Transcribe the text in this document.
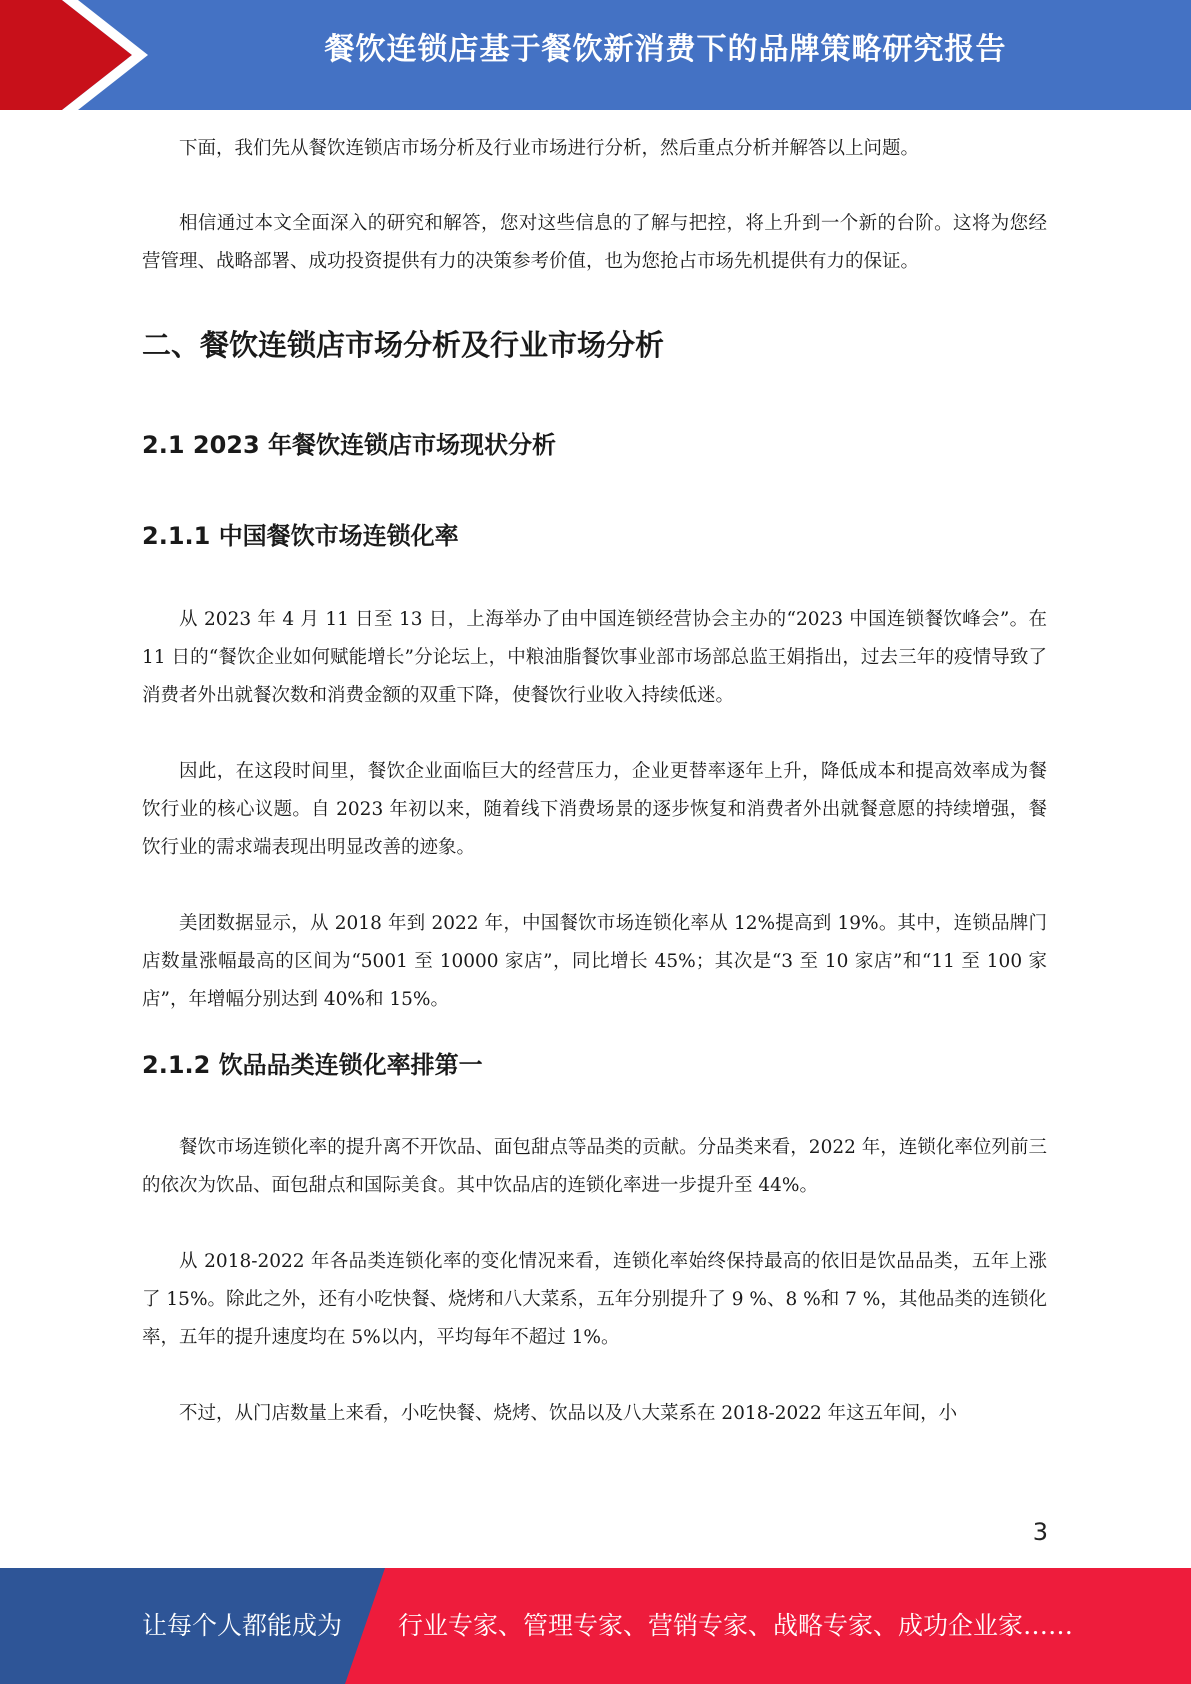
餐饮连锁店基于餐饮新消费下的品牌策略研究报告

下面，我们先从餐饮连锁店市场分析及行业市场进行分析，然后重点分析并解答以上问题。

相信通过本文全面深入的研究和解答，您对这些信息的了解与把控，将上升到一个新的台阶。这将为您经营管理、战略部署、成功投资提供有力的决策参考价值，也为您抢占市场先机提供有力的保证。

二、餐饮连锁店市场分析及行业市场分析
2.1 2023 年餐饮连锁店市场现状分析
2.1.1 中国餐饮市场连锁化率

从 2023 年 4 月 11 日至 13 日，上海举办了由中国连锁经营协会主办的“2023 中国连锁餐饮峰会”。在 11 日的“餐饮企业如何赋能增长”分论坛上，中粮油脂餐饮事业部市场部总监王娟指出，过去三年的疫情导致了消费者外出就餐次数和消费金额的双重下降，使餐饮行业收入持续低迷。

因此，在这段时间里，餐饮企业面临巨大的经营压力，企业更替率逐年上升，降低成本和提高效率成为餐饮行业的核心议题。自 2023 年初以来，随着线下消费场景的逐步恢复和消费者外出就餐意愿的持续增强，餐饮行业的需求端表现出明显改善的迹象。

美团数据显示，从 2018 年到 2022 年，中国餐饮市场连锁化率从 12%提高到 19%。其中，连锁品牌门店数量涨幅最高的区间为“5001 至 10000 家店”，同比增长 45%；其次是“3 至 10 家店”和“11 至 100 家店”，年增幅分别达到 40%和 15%。

2.1.2 饮品品类连锁化率排第一

餐饮市场连锁化率的提升离不开饮品、面包甜点等品类的贡献。分品类来看，2022 年，连锁化率位列前三的依次为饮品、面包甜点和国际美食。其中饮品店的连锁化率进一步提升至 44%。

从 2018-2022 年各品类连锁化率的变化情况来看，连锁化率始终保持最高的依旧是饮品品类，五年上涨了 15%。除此之外，还有小吃快餐、烧烤和八大菜系，五年分别提升了 9 %、8 %和 7 %，其他品类的连锁化率，五年的提升速度均在 5%以内，平均每年不超过 1%。

不过，从门店数量上来看，小吃快餐、烧烤、饮品以及八大菜系在 2018-2022 年这五年间，小

3
让每个人都能成为 行业专家、管理专家、营销专家、战略专家、成功企业家……
